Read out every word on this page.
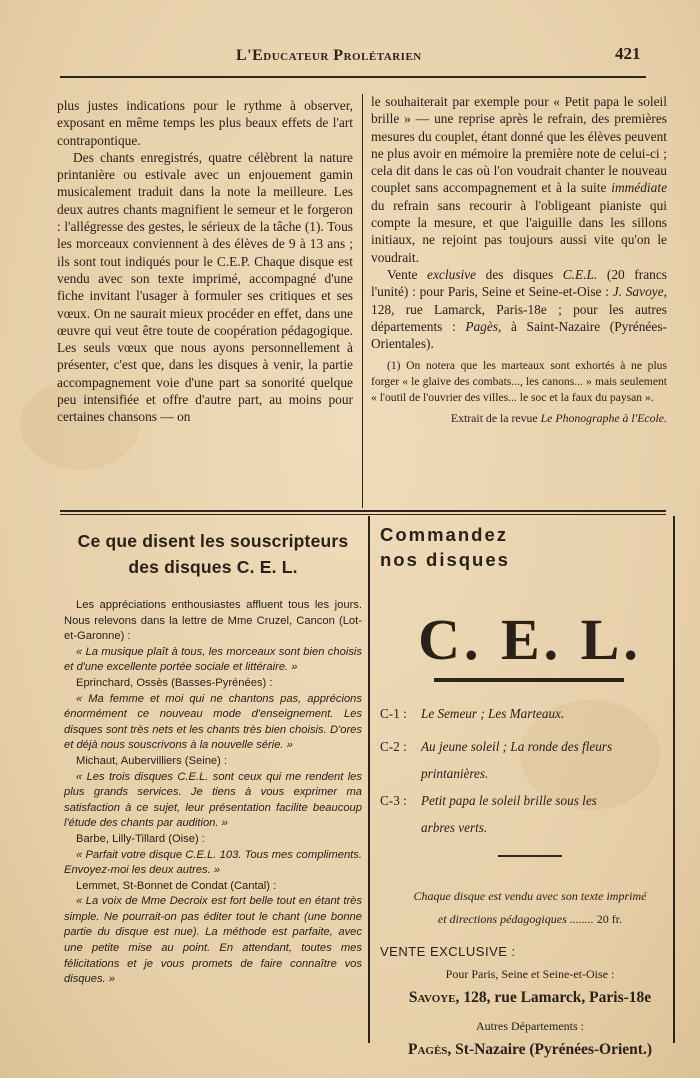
L'Educateur Prolétarien	421

plus justes indications pour le rythme à observer, exposant en même temps les plus beaux effets de l'art contrapontique.

Des chants enregistrés, quatre célèbrent la nature printanière ou estivale avec un enjouement gamin musicalement traduit dans la note la meilleure. Les deux autres chants magnifient le semeur et le forgeron : l'allégresse des gestes, le sérieux de la tâche (1). Tous les morceaux conviennent à des élèves de 9 à 13 ans ; ils sont tout indiqués pour le C.E.P. Chaque disque est vendu avec son texte imprimé, accompagné d'une fiche invitant l'usager à formuler ses critiques et ses vœux. On ne saurait mieux procéder en effet, dans une œuvre qui veut être toute de coopération pédagogique. Les seuls vœux que nous ayons personnellement à présenter, c'est que, dans les disques à venir, la partie accompagnement voie d'une part sa sonorité quelque peu intensifiée et offre d'autre part, au moins pour certaines chansons — on

le souhaiterait par exemple pour « Petit papa le soleil brille » — une reprise après le refrain, des premières mesures du couplet, étant donné que les élèves peuvent ne plus avoir en mémoire la première note de celui-ci ; cela dit dans le cas où l'on voudrait chanter le nouveau couplet sans accompagnement et à la suite immédiate du refrain sans recourir à l'obligeant pianiste qui compte la mesure, et que l'aiguille dans les sillons initiaux, ne rejoint pas toujours aussi vite qu'on le voudrait.

Vente exclusive des disques C.E.L. (20 francs l'unité) : pour Paris, Seine et Seine-et-Oise : J. Savoye, 128, rue Lamarck, Paris-18e ; pour les autres départements : Pagès, à Saint-Nazaire (Pyrénées-Orientales).

(1) On notera que les marteaux sont exhortés à ne plus forger « le glaive des combats..., les canons... » mais seulement « l'outil de l'ouvrier des villes... le soc et la faux du paysan ».

Extrait de la revue Le Phonographe à l'Ecole.

Ce que disent les souscripteurs
des disques C. E. L.

Les appréciations enthousiastes affluent tous les jours. Nous relevons dans la lettre de Mme Cruzel, Cancon (Lot-et-Garonne) :

« La musique plaît à tous, les morceaux sont bien choisis et d'une excellente portée sociale et littéraire. »

Eprinchard, Ossès (Basses-Pyrénées) :

« Ma femme et moi qui ne chantons pas, apprécions énormément ce nouveau mode d'enseignement. Les disques sont très nets et les chants très bien choisis. D'ores et déjà nous souscrivons à la nouvelle série. »

Michaut, Aubervilliers (Seine) :

« Les trois disques C.E.L. sont ceux qui me rendent les plus grands services. Je tiens à vous exprimer ma satisfaction à ce sujet, leur présentation facilite beaucoup l'étude des chants par audition. »

Barbe, Lilly-Tillard (Oise) :

« Parfait votre disque C.E.L. 103. Tous mes compliments. Envoyez-moi les deux autres. »

Lemmet, St-Bonnet de Condat (Cantal) :

« La voix de Mme Decroix est fort belle tout en étant très simple. Ne pourrait-on pas éditer tout le chant (une bonne partie du disque est nue). La méthode est parfaite, avec une petite mise au point. En attendant, toutes mes félicitations et je vous promets de faire connaître vos disques. »

Commandez
nos disques
C. E. L.
C-1 :	Le Semeur ; Les Marteaux.
C-2 :	Au jeune soleil ; La ronde des fleurs
printanières.
C-3 :	Petit papa le soleil brille sous les
arbres verts.
Chaque disque est vendu avec son texte imprimé
et directions pédagogiques ........ 20 fr.
VENTE EXCLUSIVE :
Pour Paris, Seine et Seine-et-Oise :
Savoye, 128, rue Lamarck, Paris-18e
Autres Départements :
Pagès, St-Nazaire (Pyrénées-Orient.)
